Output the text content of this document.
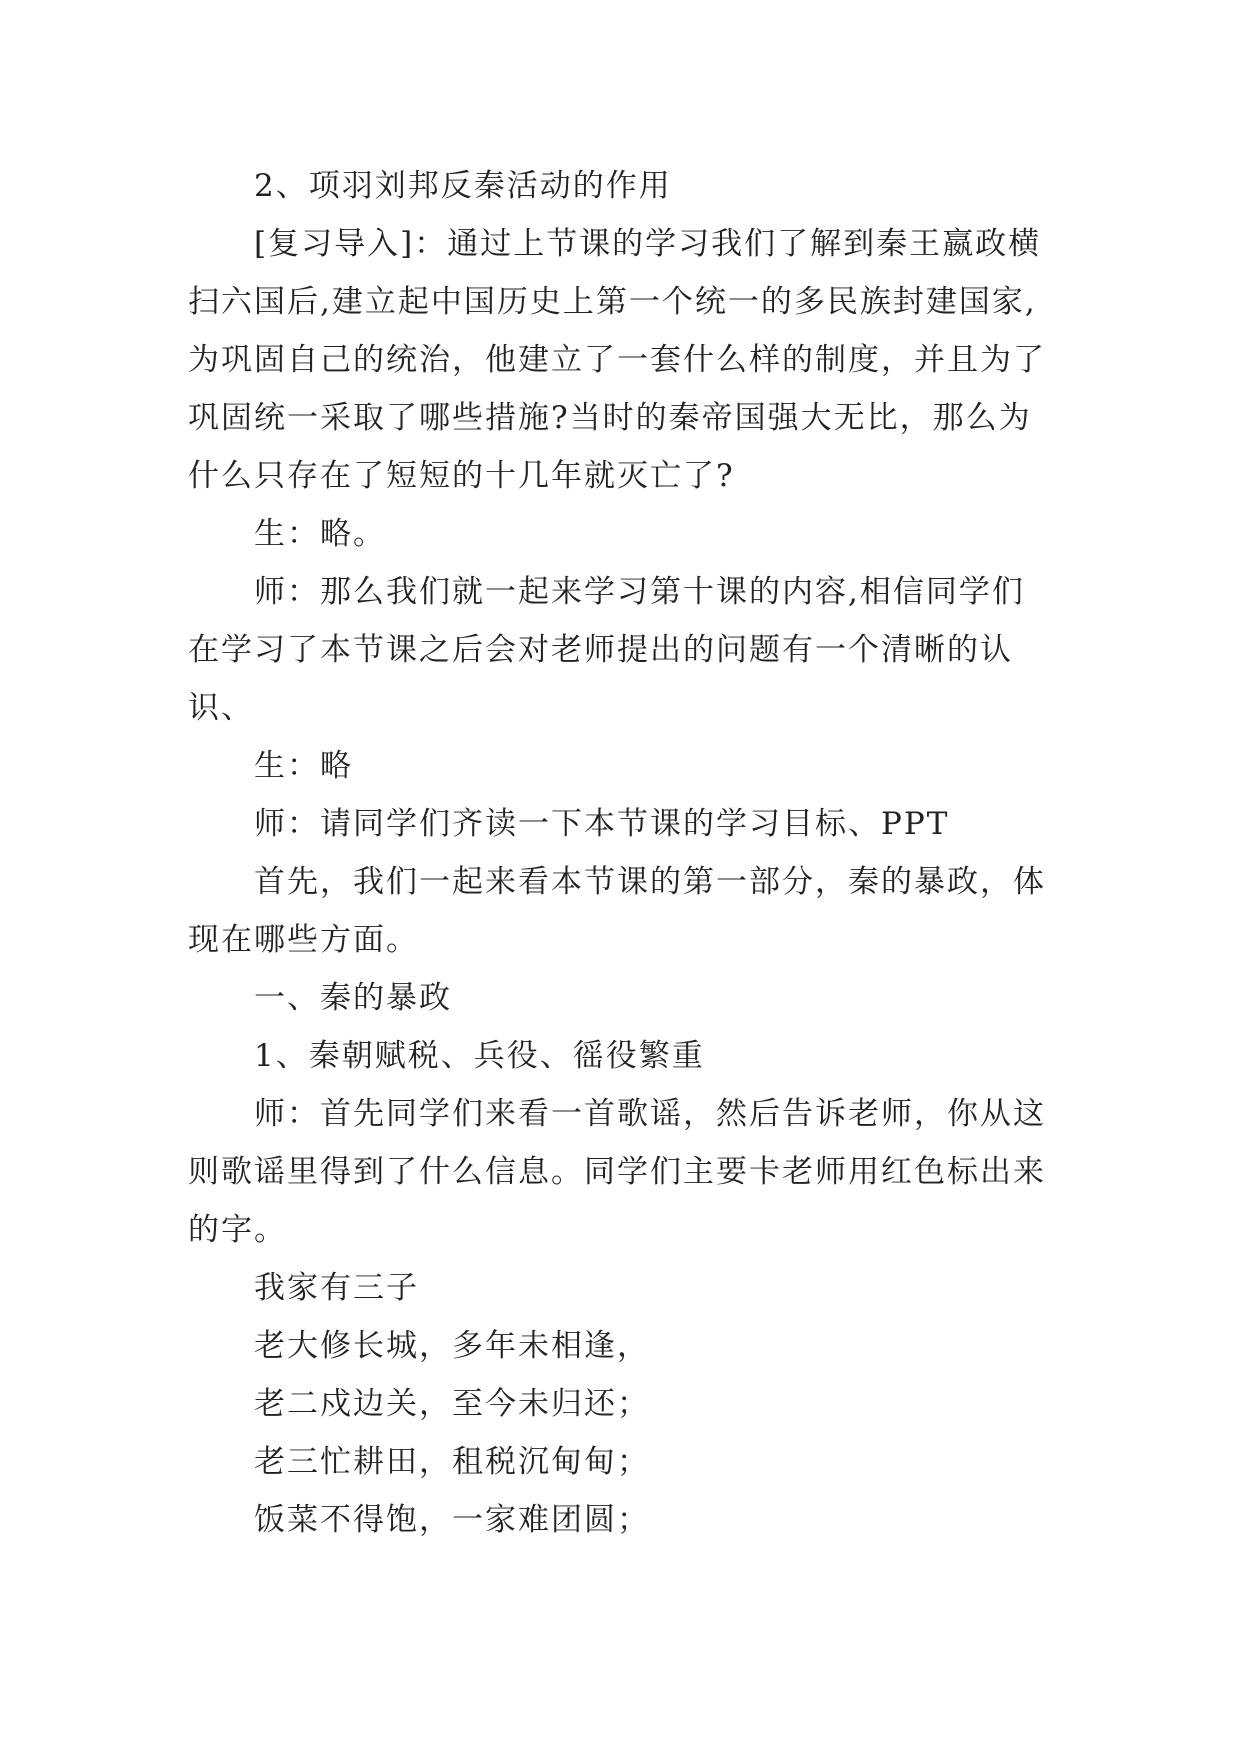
2、项羽刘邦反秦活动的作用

[复习导入]：通过上节课的学习我们了解到秦王嬴政横
扫六国后,建立起中国历史上第一个统一的多民族封建国家,
为巩固自己的统治，他建立了一套什么样的制度，并且为了
巩固统一采取了哪些措施?当时的秦帝国强大无比，那么为
什么只存在了短短的十几年就灭亡了?
生：略。
师：那么我们就一起来学习第十课的内容,相信同学们
在学习了本节课之后会对老师提出的问题有一个清晰的认
识、
生：略
师：请同学们齐读一下本节课的学习目标、PPT
首先，我们一起来看本节课的第一部分，秦的暴政，体
现在哪些方面。
一、秦的暴政
1、秦朝赋税、兵役、徭役繁重
师：首先同学们来看一首歌谣，然后告诉老师，你从这
则歌谣里得到了什么信息。同学们主要卡老师用红色标出来
的字。
我家有三子
老大修长城，多年未相逢，
老二戍边关，至今未归还；
老三忙耕田，租税沉甸甸；
饭菜不得饱，一家难团圆；
